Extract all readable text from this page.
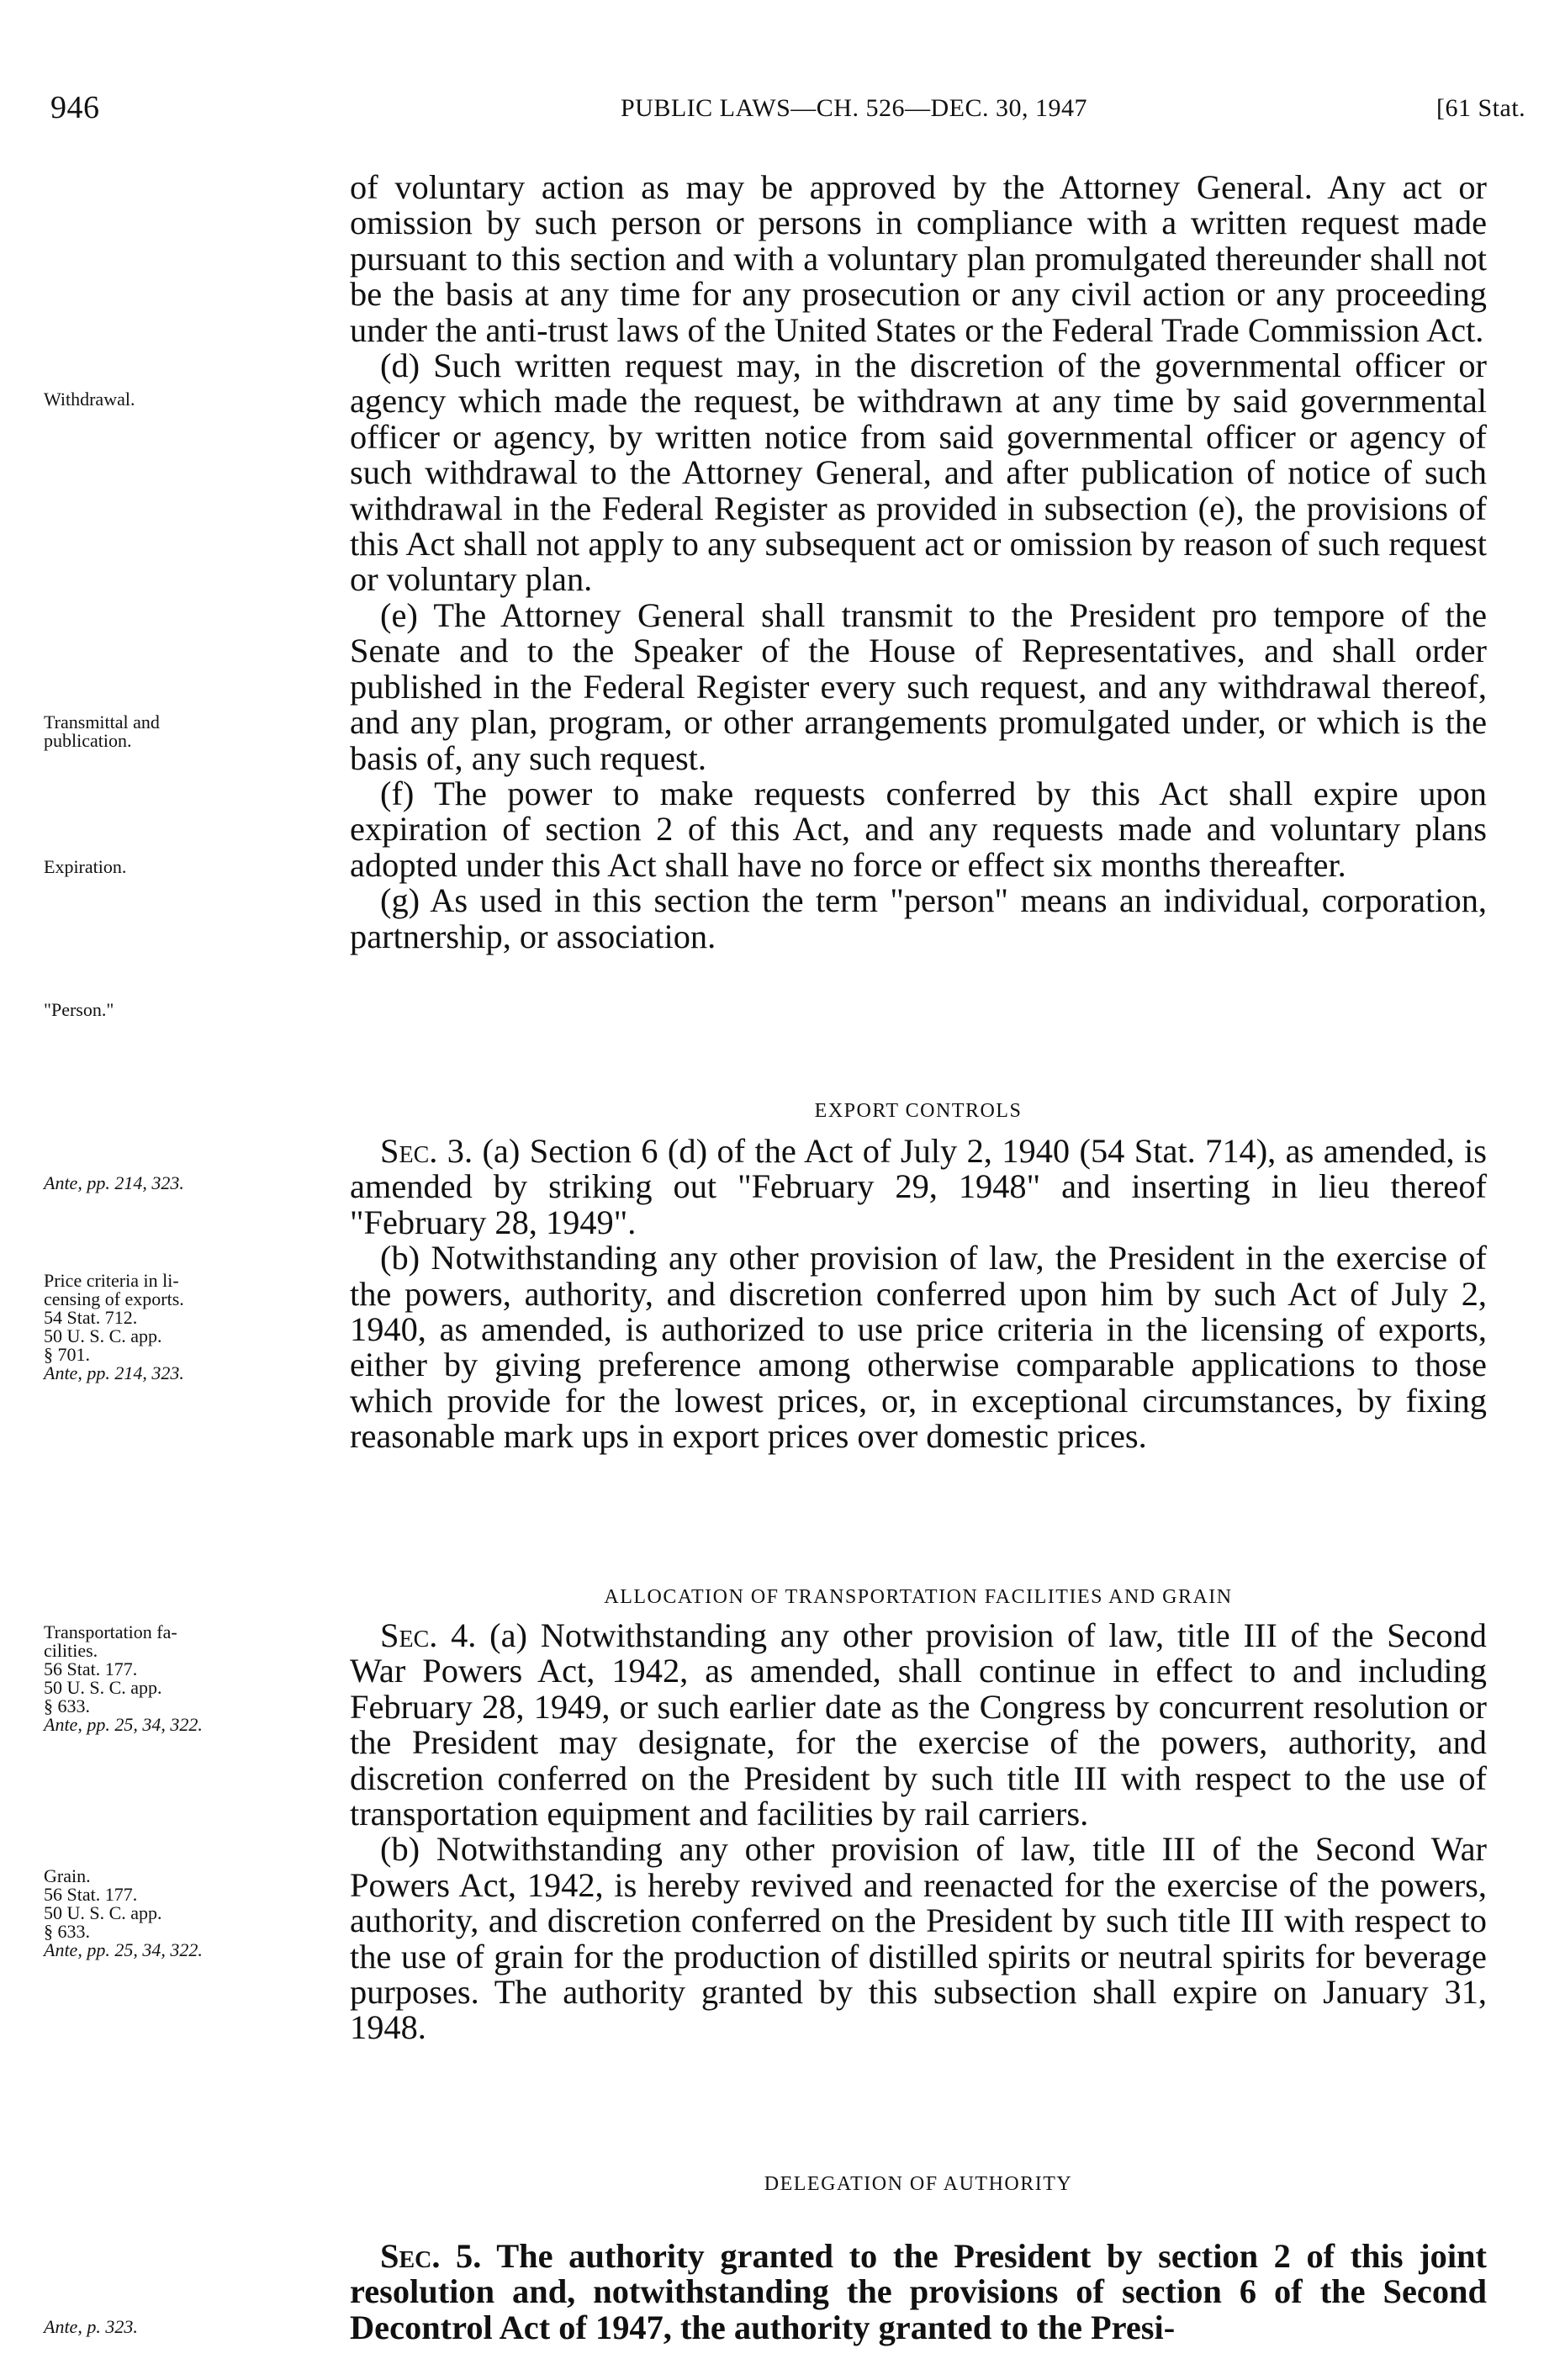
946	PUBLIC LAWS—CH. 526—DEC. 30, 1947	[61 Stat.
Withdrawal.
Transmittal and
publication.
Expiration.
"Person."
Ante, pp. 214, 323.
Price criteria in li-
censing of exports.
54 Stat. 712.
50 U. S. C. app.
§ 701.
Ante, pp. 214, 323.
Transportation fa-
cilities.
56 Stat. 177.
50 U. S. C. app.
§ 633.
Ante, pp. 25, 34, 322.
Grain.
56 Stat. 177.
50 U. S. C. app.
§ 633.
Ante, pp. 25, 34, 322.
Ante, p. 323.

of voluntary action as may be approved by the Attorney General. Any act or omission by such person or persons in compliance with a written request made pursuant to this section and with a voluntary plan promulgated thereunder shall not be the basis at any time for any prosecution or any civil action or any proceeding under the anti-trust laws of the United States or the Federal Trade Commission Act.

(d) Such written request may, in the discretion of the governmental officer or agency which made the request, be withdrawn at any time by said governmental officer or agency, by written notice from said governmental officer or agency of such withdrawal to the Attorney General, and after publication of notice of such withdrawal in the Federal Register as provided in subsection (e), the provisions of this Act shall not apply to any subsequent act or omission by reason of such request or voluntary plan.

(e) The Attorney General shall transmit to the President pro tempore of the Senate and to the Speaker of the House of Representatives, and shall order published in the Federal Register every such request, and any withdrawal thereof, and any plan, program, or other arrangements promulgated under, or which is the basis of, any such request.

(f) The power to make requests conferred by this Act shall expire upon expiration of section 2 of this Act, and any requests made and voluntary plans adopted under this Act shall have no force or effect six months thereafter.

(g) As used in this section the term "person" means an individual, corporation, partnership, or association.

EXPORT CONTROLS

Sec. 3. (a) Section 6 (d) of the Act of July 2, 1940 (54 Stat. 714), as amended, is amended by striking out "February 29, 1948" and inserting in lieu thereof "February 28, 1949".

(b) Notwithstanding any other provision of law, the President in the exercise of the powers, authority, and discretion conferred upon him by such Act of July 2, 1940, as amended, is authorized to use price criteria in the licensing of exports, either by giving preference among otherwise comparable applications to those which provide for the lowest prices, or, in exceptional circumstances, by fixing reasonable mark ups in export prices over domestic prices.

ALLOCATION OF TRANSPORTATION FACILITIES AND GRAIN

Sec. 4. (a) Notwithstanding any other provision of law, title III of the Second War Powers Act, 1942, as amended, shall continue in effect to and including February 28, 1949, or such earlier date as the Congress by concurrent resolution or the President may designate, for the exercise of the powers, authority, and discretion conferred on the President by such title III with respect to the use of transportation equipment and facilities by rail carriers.

(b) Notwithstanding any other provision of law, title III of the Second War Powers Act, 1942, is hereby revived and reenacted for the exercise of the powers, authority, and discretion conferred on the President by such title III with respect to the use of grain for the production of distilled spirits or neutral spirits for beverage purposes. The authority granted by this subsection shall expire on January 31, 1948.

DELEGATION OF AUTHORITY

Sec. 5. The authority granted to the President by section 2 of this joint resolution and, notwithstanding the provisions of section 6 of the Second Decontrol Act of 1947, the authority granted to the Presi-
